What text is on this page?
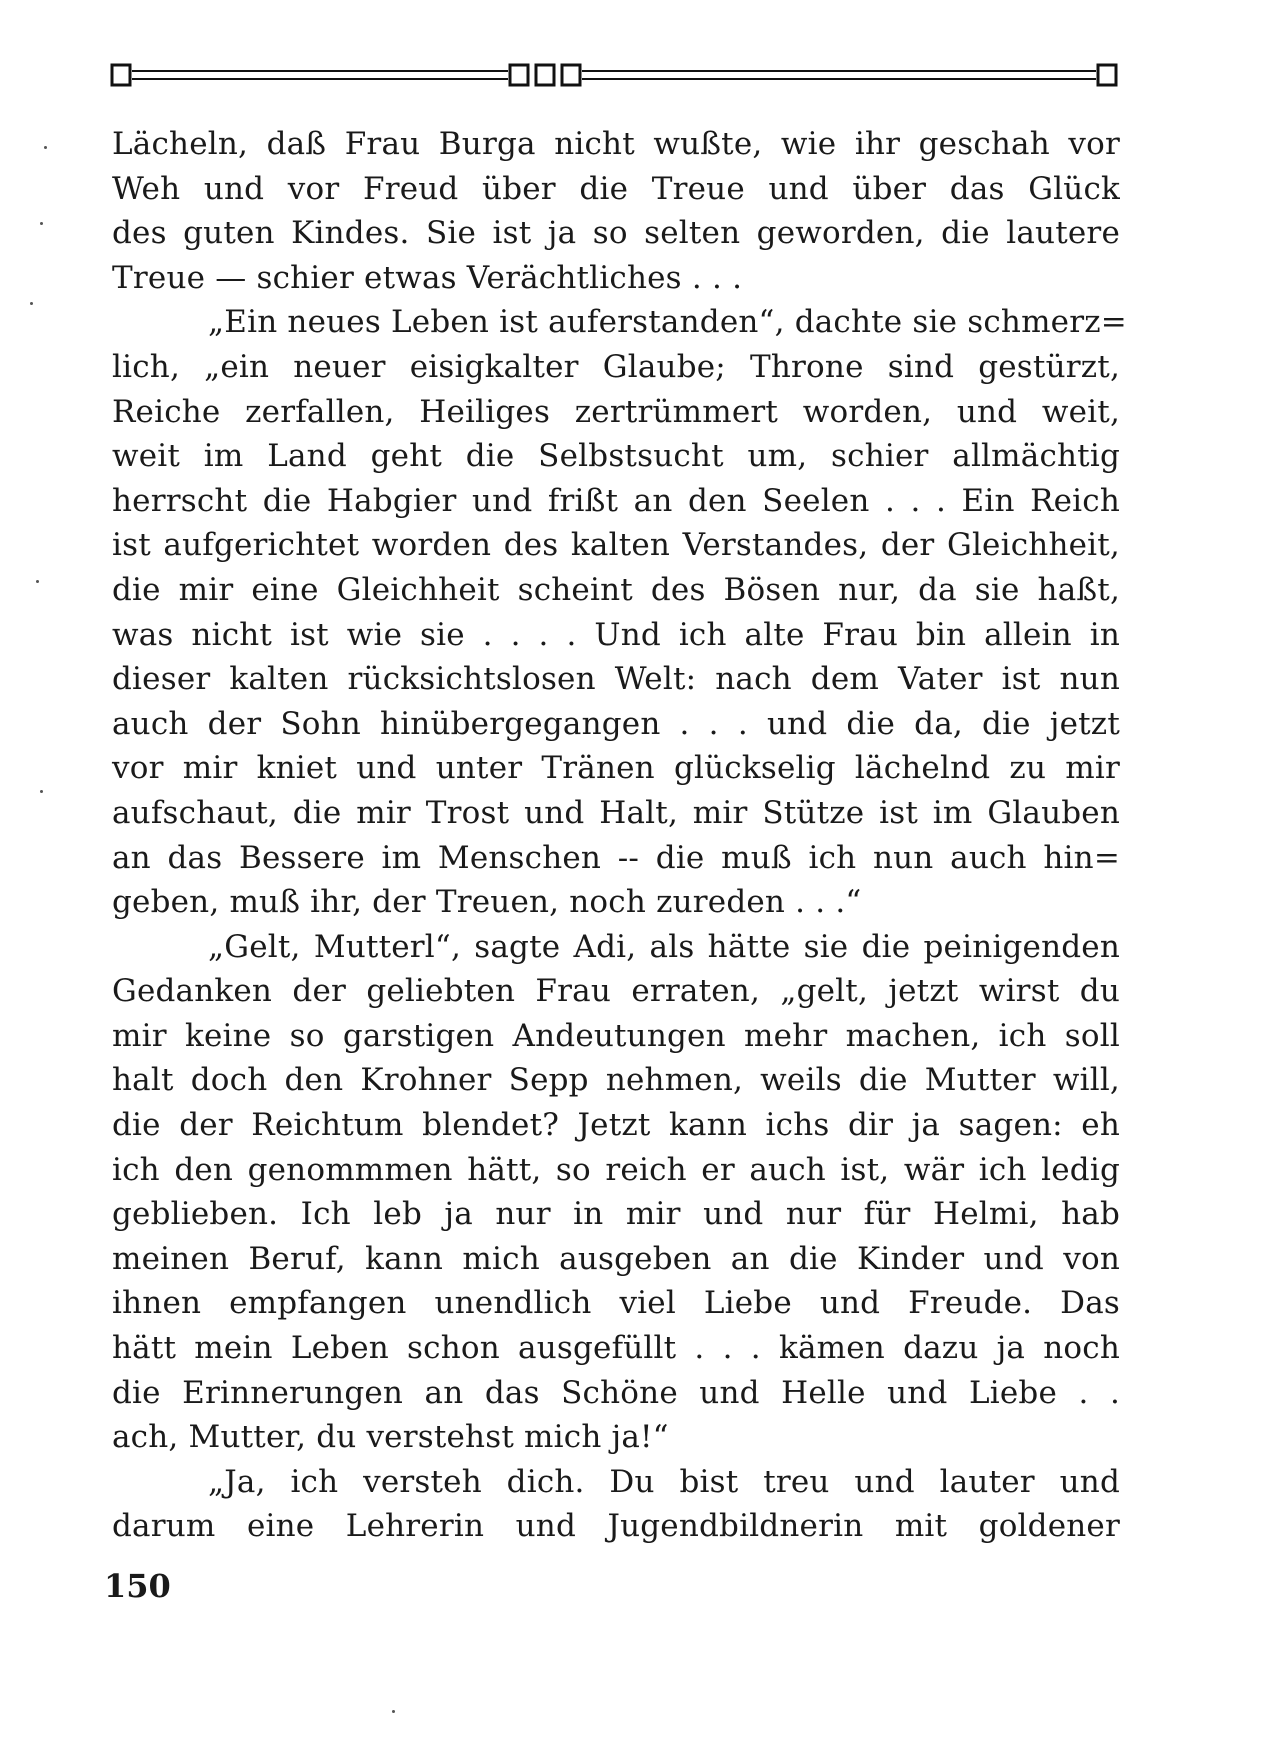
Lächeln, daß Frau Burga nicht wußte, wie ihr geschah vor
Weh und vor Freud über die Treue und über das Glück
des guten Kindes. Sie ist ja so selten geworden, die lautere
Treue — schier etwas Verächtliches . . .
„Ein neues Leben ist auferstanden“, dachte sie schmerz=
lich, „ein neuer eisigkalter Glaube; Throne sind gestürzt,
Reiche zerfallen, Heiliges zertrümmert worden, und weit,
weit im Land geht die Selbstsucht um, schier allmächtig
herrscht die Habgier und frißt an den Seelen . . . Ein Reich
ist aufgerichtet worden des kalten Verstandes, der Gleichheit,
die mir eine Gleichheit scheint des Bösen nur, da sie haßt,
was nicht ist wie sie . . . . Und ich alte Frau bin allein in
dieser kalten rücksichtslosen Welt: nach dem Vater ist nun
auch der Sohn hinübergegangen . . . und die da, die jetzt
vor mir kniet und unter Tränen glückselig lächelnd zu mir
aufschaut, die mir Trost und Halt, mir Stütze ist im Glauben
an das Bessere im Menschen -- die muß ich nun auch hin=
geben, muß ihr, der Treuen, noch zureden . . .“
„Gelt, Mutterl“, sagte Adi, als hätte sie die peinigenden
Gedanken der geliebten Frau erraten, „gelt, jetzt wirst du
mir keine so garstigen Andeutungen mehr machen, ich soll
halt doch den Krohner Sepp nehmen, weils die Mutter will,
die der Reichtum blendet? Jetzt kann ichs dir ja sagen: eh
ich den genommmen hätt, so reich er auch ist, wär ich ledig
geblieben. Ich leb ja nur in mir und nur für Helmi, hab
meinen Beruf, kann mich ausgeben an die Kinder und von
ihnen empfangen unendlich viel Liebe und Freude. Das
hätt mein Leben schon ausgefüllt . . . kämen dazu ja noch
die Erinnerungen an das Schöne und Helle und Liebe . .
ach, Mutter, du verstehst mich ja!“
„Ja, ich versteh dich. Du bist treu und lauter und
darum eine Lehrerin und Jugendbildnerin mit goldener
150
